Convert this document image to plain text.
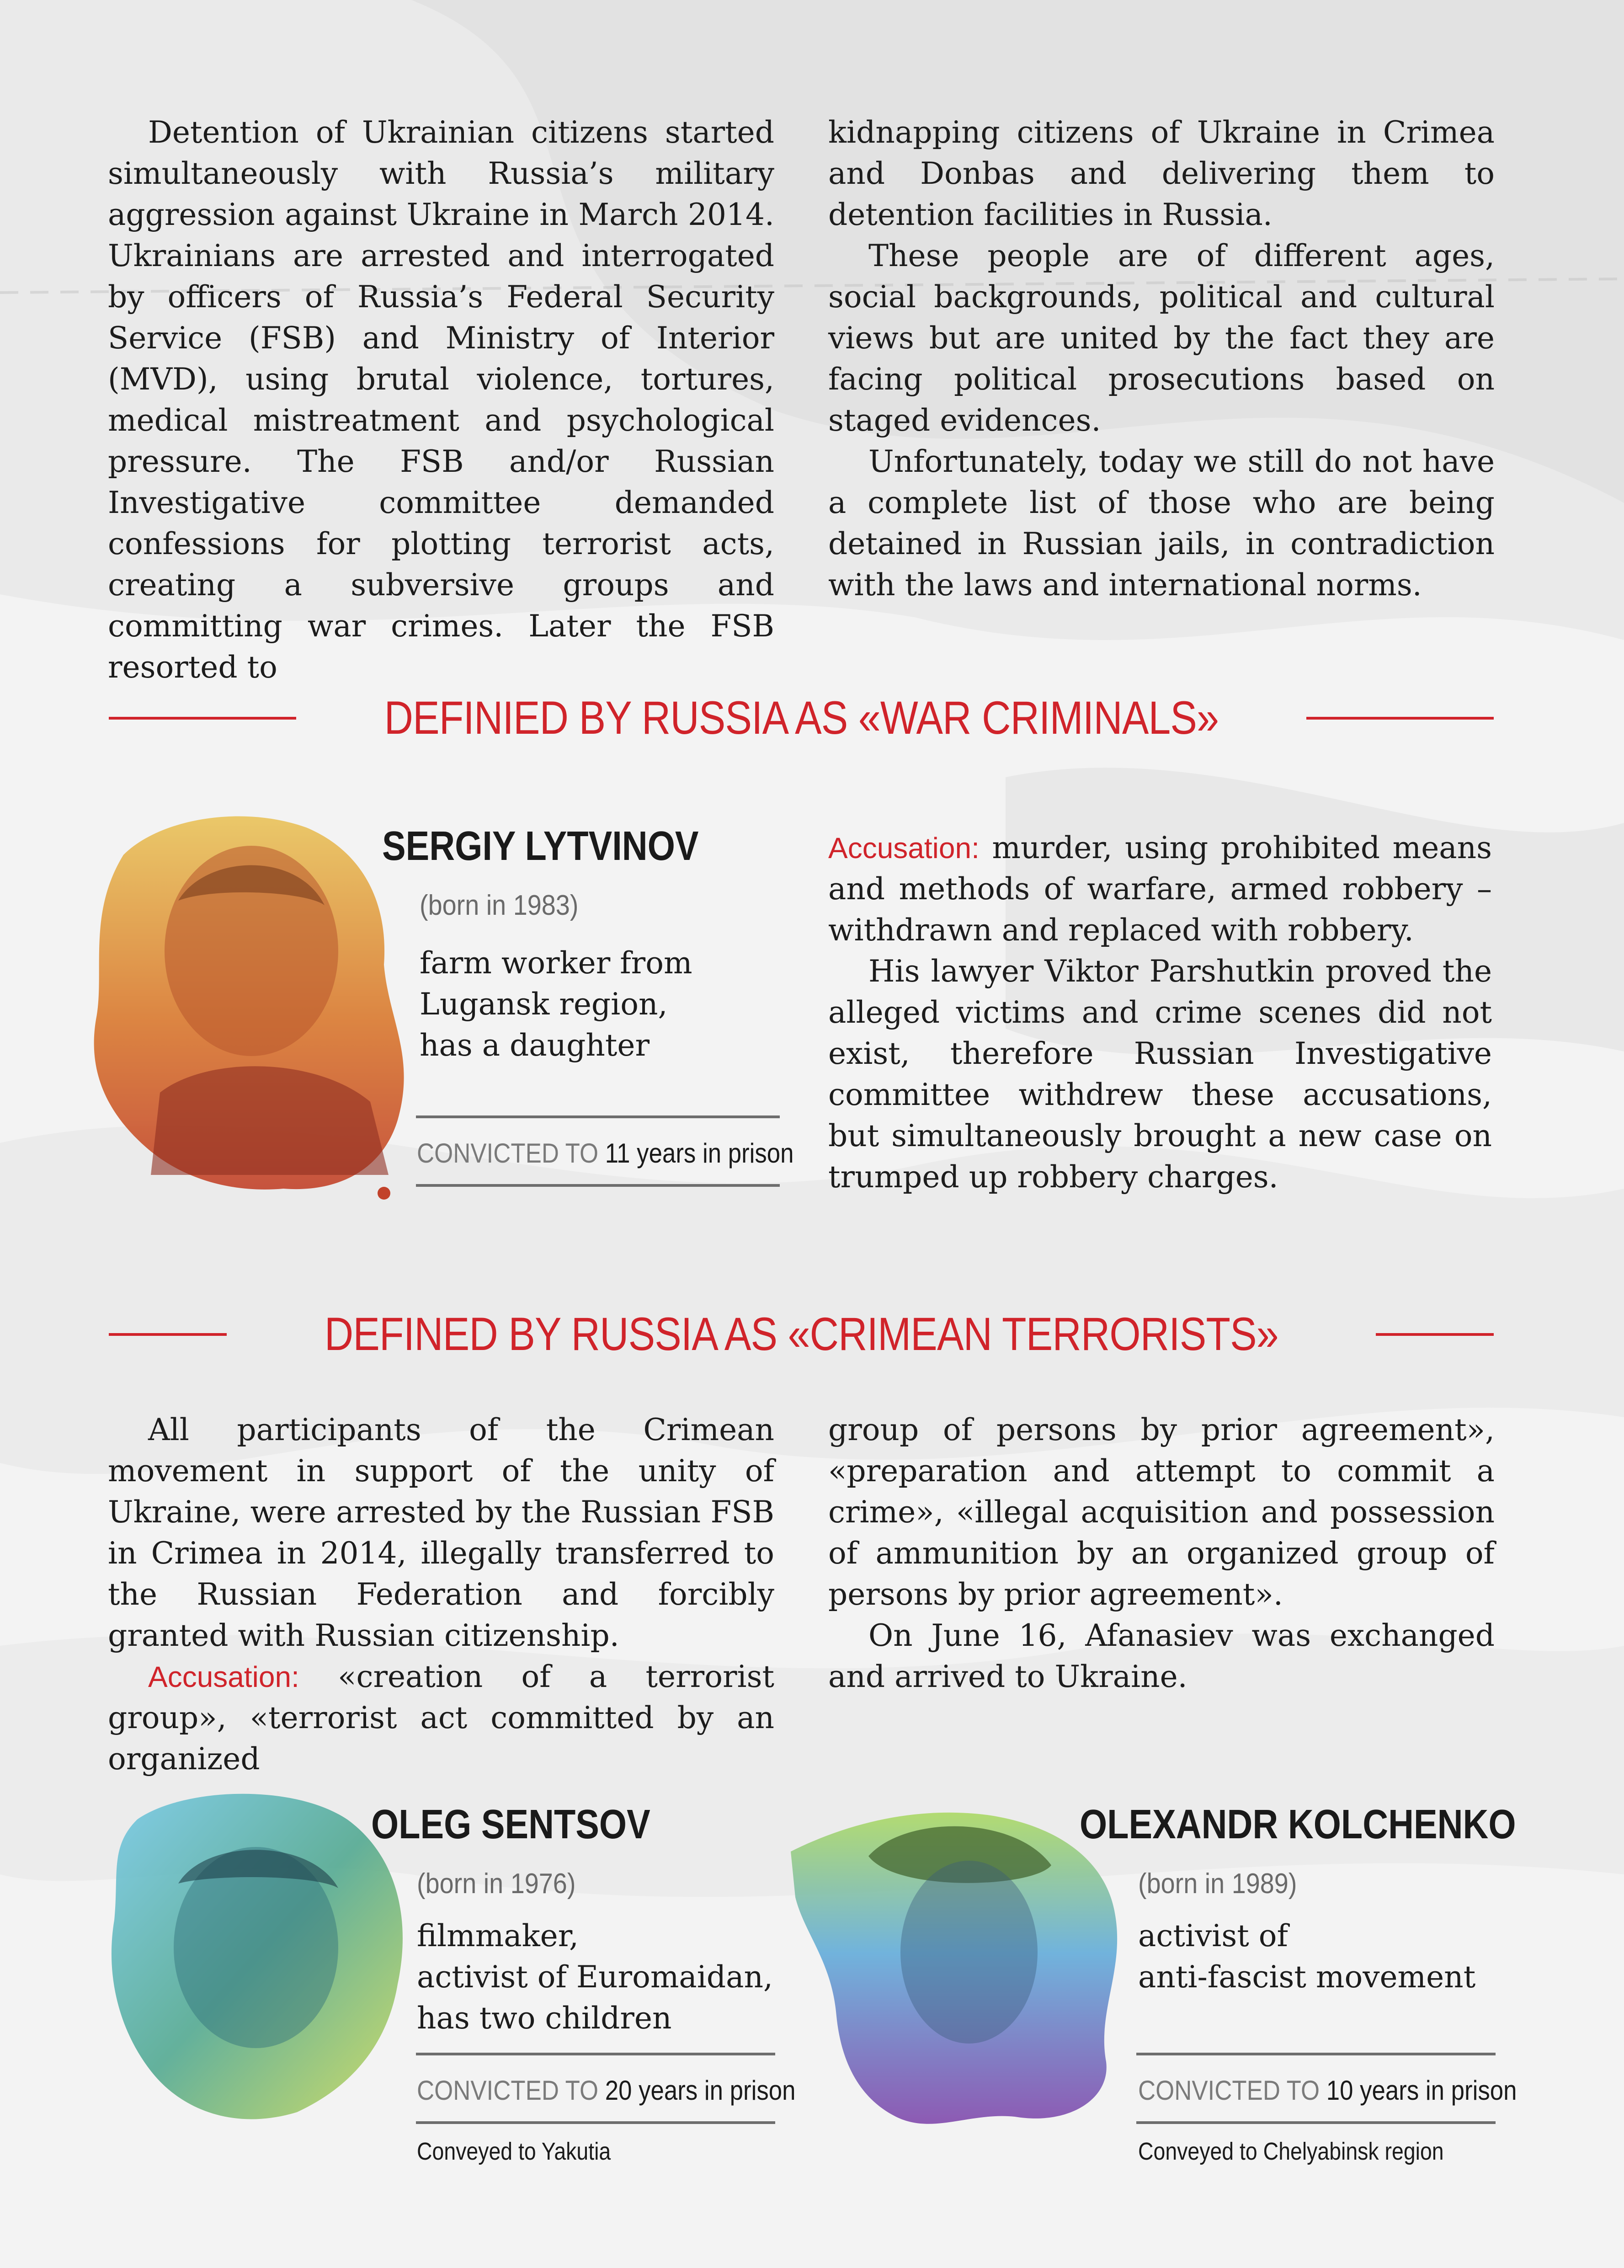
Detention of Ukrainian citizens started simultaneously with Russia’s military aggression against Ukraine in March 2014. Ukrainians are arrested and interrogated by officers of Russia’s Federal Security Service (FSB) and Ministry of Interior (MVD), using brutal violence, tortures, medical mistreatment and psychological pressure. The FSB and/or Russian Investigative committee demanded confessions for plotting terrorist acts, creating a subversive groups and committing war crimes. Later the FSB resorted to

kidnapping citizens of Ukraine in Crimea and Donbas and delivering them to detention facilities in Russia.

These people are of different ages, social backgrounds, political and cultural views but are united by the fact they are facing political prosecutions based on staged evidences.

Unfortunately, today we still do not have a complete list of those who are being detained in Russian jails, in contradiction with the laws and international norms.

DEFINIED BY RUSSIA AS «WAR CRIMINALS»
SERGIY LYTVINOV
(born in 1983)
farm worker from
Lugansk region,
has a daughter
CONVICTED TO 11 years in prison

Accusation: murder, using prohibited means and methods of warfare, armed robbery – withdrawn and replaced with robbery.

His lawyer Viktor Parshutkin proved the alleged victims and crime scenes did not exist, therefore Russian Investigative committee withdrew these accusations, but simultaneously brought a new case on trumped up robbery charges.

DEFINED BY RUSSIA AS «CRIMEAN TERRORISTS»

All participants of the Crimean movement in support of the unity of Ukraine, were arrested by the Russian FSB in Crimea in 2014, illegally transferred to the Russian Federation and forcibly granted with Russian citizenship.

Accusation: «creation of a terrorist group», «terrorist act committed by an organized

group of persons by prior agreement», «preparation and attempt to commit a crime», «illegal acquisition and possession of ammunition by an organized group of persons by prior agreement».

On June 16, Afanasiev was exchanged and arrived to Ukraine.

OLEG SENTSOV
(born in 1976)
filmmaker,
activist of Euromaidan,
has two children
CONVICTED TO 20 years in prison
Conveyed to Yakutia
OLEXANDR KOLCHENKO
(born in 1989)
activist of
anti-fascist movement
CONVICTED TO 10 years in prison
Conveyed to Chelyabinsk region
